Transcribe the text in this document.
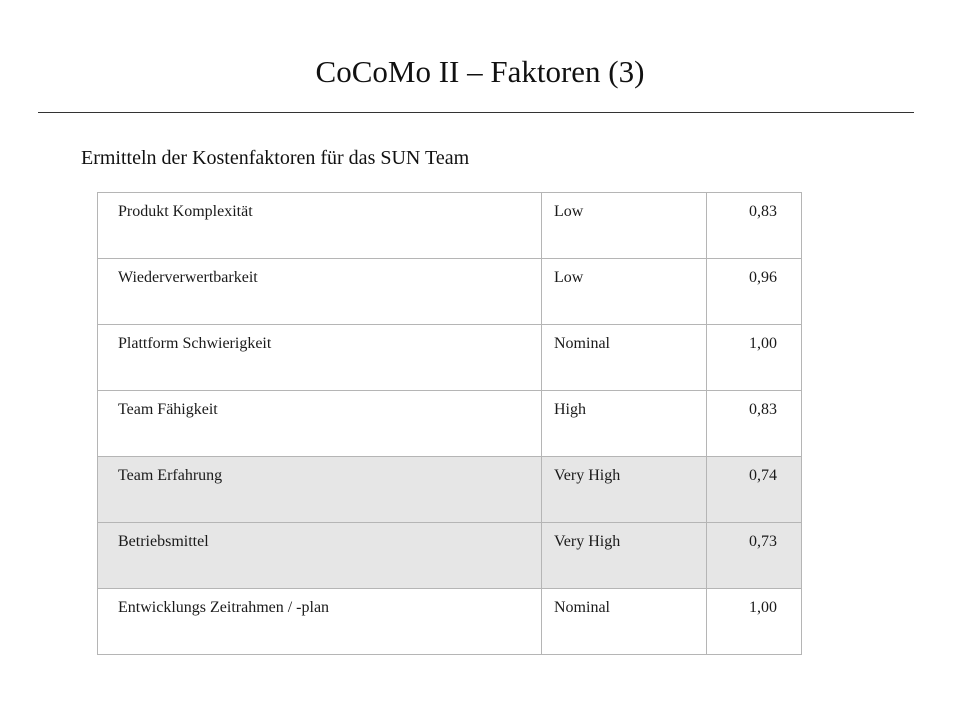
CoCoMo II – Faktoren (3)
Ermitteln der Kostenfaktoren für das SUN Team
Produkt Komplexität	Low	0,83
Wiederverwertbarkeit	Low	0,96
Plattform Schwierigkeit	Nominal	1,00
Team Fähigkeit	High	0,83
Team Erfahrung	Very High	0,74
Betriebsmittel	Very High	0,73
Entwicklungs Zeitrahmen / -plan	Nominal	1,00
